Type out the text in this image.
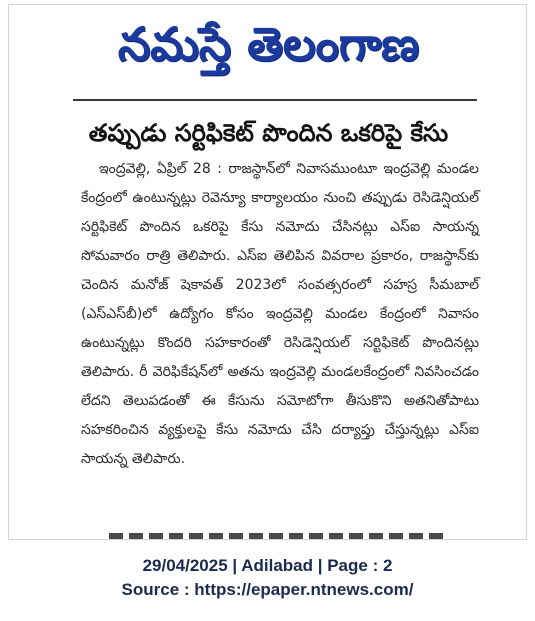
నమస్తే తెలంగాణ
తప్పుడు సర్టిఫికెట్ పొందిన ఒకరిపై కేసు

ఇంద్రవెల్లి, ఏప్రిల్ 28 : రాజస్థాన్‌లో నివాసముంటూ ఇంద్రవెల్లి మండల కేంద్రంలో ఉంటున్నట్లు రెవెన్యూ కార్యాలయం నుంచి తప్పుడు రెసిడెన్షియల్ సర్టిఫికెట్ పొందిన ఒకరిపై కేసు నమోదు చేసినట్లు ఎస్‌ఐ సాయన్న సోమవారం రాత్రి తెలిపారు. ఎస్‌ఐ తెలిపిన వివరాల ప్రకారం, రాజస్థాన్‌కు చెందిన మనోజ్ షెకావత్ 2023లో సంవత్సరంలో సహస్ర సీమబాల్ (ఎస్‌ఎస్‌బీ)లో ఉద్యోగం కోసం ఇంద్రవెల్లి మండల కేంద్రంలో నివాసం ఉంటున్నట్లు కొందరి సహకారంతో రెసిడెన్షియల్ సర్టిఫికెట్ పొందినట్లు తెలిపారు. రీ వెరిఫికేషన్‌లో అతను ఇంద్రవెల్లి మండలకేంద్రంలో నివసించడం లేదని తెలుపడంతో ఈ కేసును సమోటోగా తీసుకొని అతనితోపాటు సహకరించిన వ్యక్తులపై కేసు నమోదు చేసి దర్యాప్తు చేస్తున్నట్లు ఎస్‌ఐ సాయన్న తెలిపారు.

29/04/2025 | Adilabad | Page : 2
Source : https://epaper.ntnews.com/
